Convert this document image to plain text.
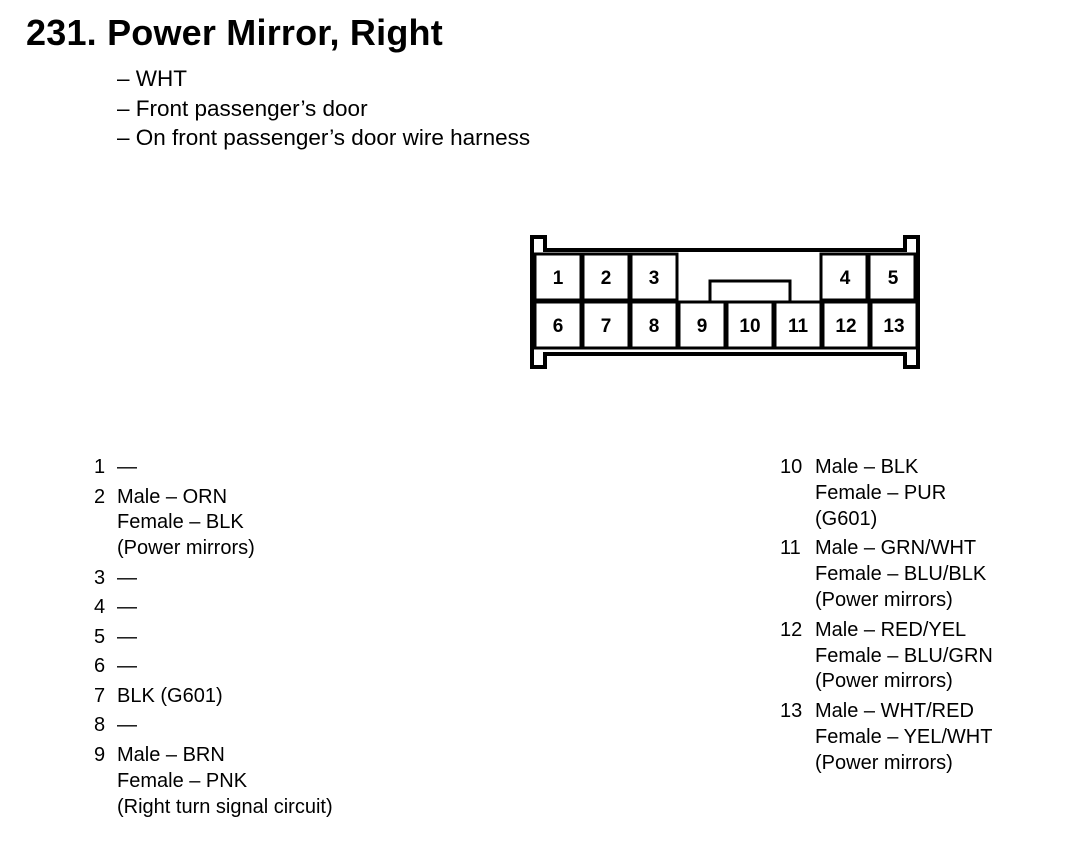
231. Power Mirror, Right
– WHT
– Front passenger’s door
– On front passenger’s door wire harness
1 2 3	4 5
6 7 8 9 10 11 12 13
1 —
2 Male – ORN
Female – BLK
(Power mirrors)
3 —
4 —
5 —
6 —
7 BLK (G601)
8 —
9 Male – BRN
Female – PNK
(Right turn signal circuit)
10 Male – BLK
Female – PUR
(G601)
11 Male – GRN/WHT
Female – BLU/BLK
(Power mirrors)
12 Male – RED/YEL
Female – BLU/GRN
(Power mirrors)
13 Male – WHT/RED
Female – YEL/WHT
(Power mirrors)
